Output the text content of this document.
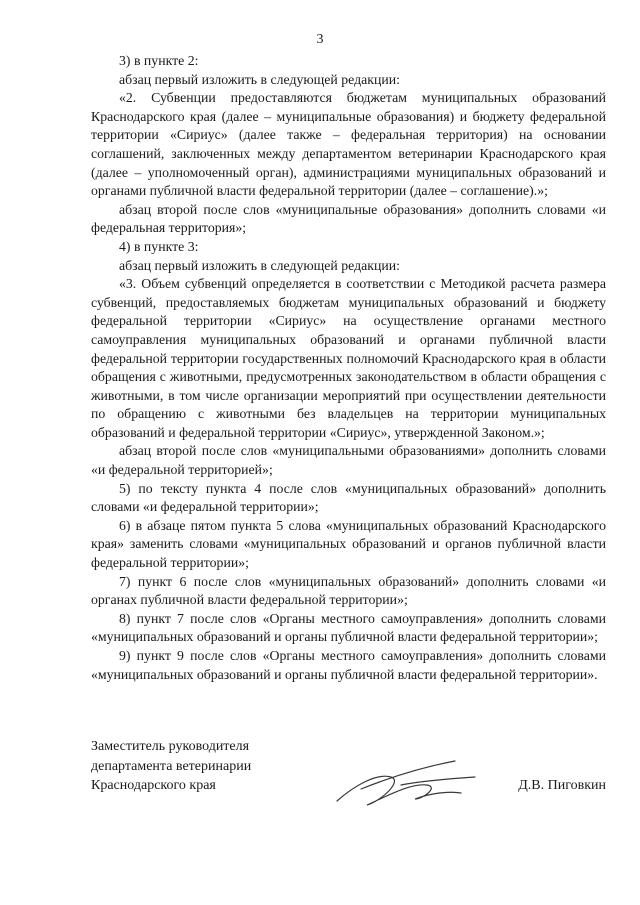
3

3) в пункте 2:

абзац первый изложить в следующей редакции:

«2. Субвенции предоставляются бюджетам муниципальных образований Краснодарского края (далее – муниципальные образования) и бюджету федеральной территории «Сириус» (далее также – федеральная территория) на основании соглашений, заключенных между департаментом ветеринарии Краснодарского края (далее – уполномоченный орган), администрациями муниципальных образований и органами публичной власти федеральной территории (далее – соглашение).»;

абзац второй после слов «муниципальные образования» дополнить словами «и федеральная территория»;

4) в пункте 3:

абзац первый изложить в следующей редакции:

«3. Объем субвенций определяется в соответствии с Методикой расчета размера субвенций, предоставляемых бюджетам муниципальных образований и бюджету федеральной территории «Сириус» на осуществление органами местного самоуправления муниципальных образований и органами публичной власти федеральной территории государственных полномочий Краснодарского края в области обращения с животными, предусмотренных законодательством в области обращения с животными, в том числе организации мероприятий при осуществлении деятельности по обращению с животными без владельцев на территории муниципальных образований и федеральной территории «Сириус», утвержденной Законом.»;

абзац второй после слов «муниципальными образованиями» дополнить словами «и федеральной территорией»;

5) по тексту пункта 4 после слов «муниципальных образований» дополнить словами «и федеральной территории»;

6) в абзаце пятом пункта 5 слова «муниципальных образований Краснодарского края» заменить словами «муниципальных образований и органов публичной власти федеральной территории»;

7) пункт 6 после слов «муниципальных образований» дополнить словами «и органах публичной власти федеральной территории»;

8) пункт 7 после слов «Органы местного самоуправления» дополнить словами «муниципальных образований и органы публичной власти федеральной территории»;

9) пункт 9 после слов «Органы местного самоуправления» дополнить словами «муниципальных образований и органы публичной власти федеральной территории».

Заместитель руководителя

департамента ветеринарии

Краснодарского края	Д.В. Пиговкин
